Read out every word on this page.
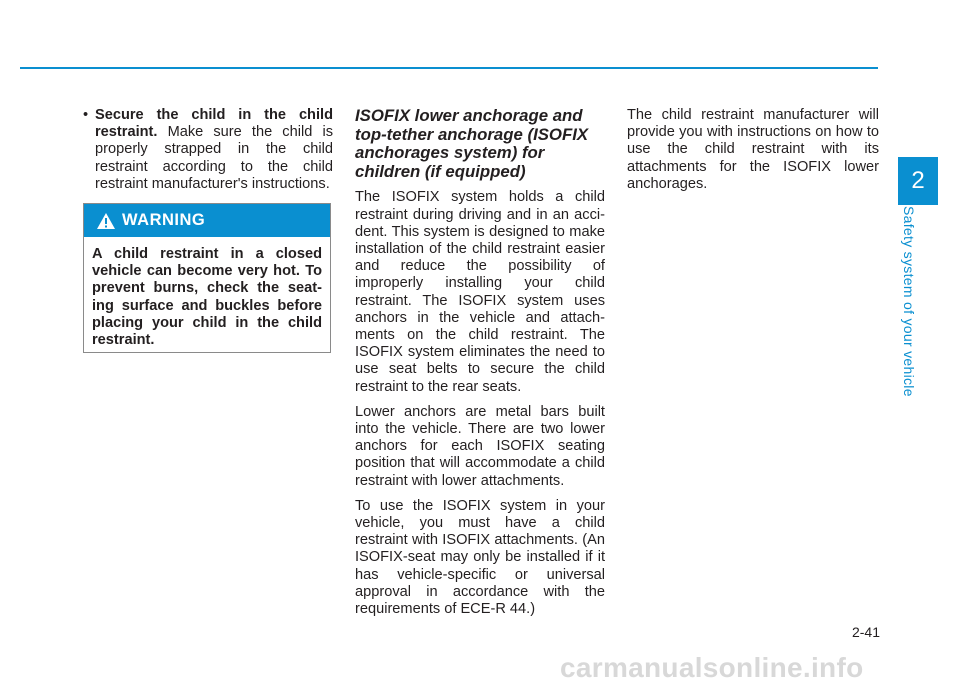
• Secure the child in the child restraint. Make sure the child is properly strapped in the child restraint according to the child restraint manufacturer's instructions.
WARNING
A child restraint in a closed vehicle can become very hot. To prevent burns, check the seat-ing surface and buckles before placing your child in the child restraint.
ISOFIX lower anchorage and top-tether anchorage (ISOFIX anchorages system) for children (if equipped)

The ISOFIX system holds a child restraint during driving and in an acci-dent. This system is designed to make installation of the child restraint easier and reduce the possibility of improperly installing your child restraint. The ISOFIX system uses anchors in the vehicle and attach-ments on the child restraint. The ISOFIX system eliminates the need to use seat belts to secure the child restraint to the rear seats.

Lower anchors are metal bars built into the vehicle. There are two lower anchors for each ISOFIX seating position that will accommodate a child restraint with lower attachments.

To use the ISOFIX system in your vehicle, you must have a child restraint with ISOFIX attachments. (An ISOFIX-seat may only be installed if it has vehicle-specific or universal approval in accordance with the requirements of ECE-R 44.)

The child restraint manufacturer will provide you with instructions on how to use the child restraint with its attachments for the ISOFIX lower anchorages.	2
Safety system of your vehicle
2-41
carmanualsonline.info
